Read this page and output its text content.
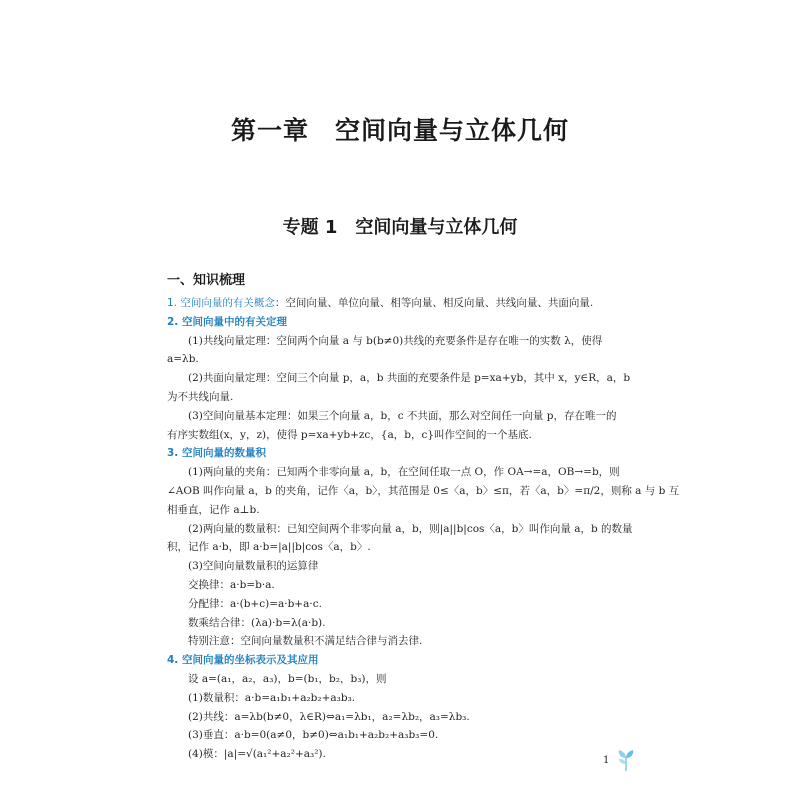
第一章　空间向量与立体几何
专题 1　空间向量与立体几何
一、知识梳理
1. 空间向量的有关概念：空间向量、单位向量、相等向量、相反向量、共线向量、共面向量.
2. 空间向量中的有关定理
(1)共线向量定理：空间两个向量 a 与 b(b≠0)共线的充要条件是存在唯一的实数 λ，使得
a=λb.
(2)共面向量定理：空间三个向量 p，a，b 共面的充要条件是 p=xa+yb，其中 x，y∈R，a，b
为不共线向量.
(3)空间向量基本定理：如果三个向量 a，b，c 不共面，那么对空间任一向量 p，存在唯一的
有序实数组(x，y，z)，使得 p=xa+yb+zc，{a，b，c}叫作空间的一个基底.
3. 空间向量的数量积
(1)两向量的夹角：已知两个非零向量 a，b，在空间任取一点 O，作 OA→=a，OB→=b，则
∠AOB 叫作向量 a，b 的夹角，记作〈a，b〉，其范围是 0≤〈a，b〉≤π，若〈a，b〉=π/2，则称 a 与 b 互
相垂直，记作 a⊥b.
(2)两向量的数量积：已知空间两个非零向量 a，b，则|a||b|cos〈a，b〉叫作向量 a，b 的数量
积，记作 a·b，即 a·b=|a||b|cos〈a，b〉.
(3)空间向量数量积的运算律
交换律：a·b=b·a.
分配律：a·(b+c)=a·b+a·c.
数乘结合律：(λa)·b=λ(a·b).
特别注意：空间向量数量积不满足结合律与消去律.
4. 空间向量的坐标表示及其应用
设 a=(a₁，a₂，a₃)，b=(b₁，b₂，b₃)，则
(1)数量积：a·b=a₁b₁+a₂b₂+a₃b₃.
(2)共线：a=λb(b≠0，λ∈R)⇔a₁=λb₁，a₂=λb₂，a₃=λb₃.
(3)垂直：a·b=0(a≠0，b≠0)⇔a₁b₁+a₂b₂+a₃b₃=0.
(4)模：|a|=√(a₁²+a₂²+a₃²).
1
